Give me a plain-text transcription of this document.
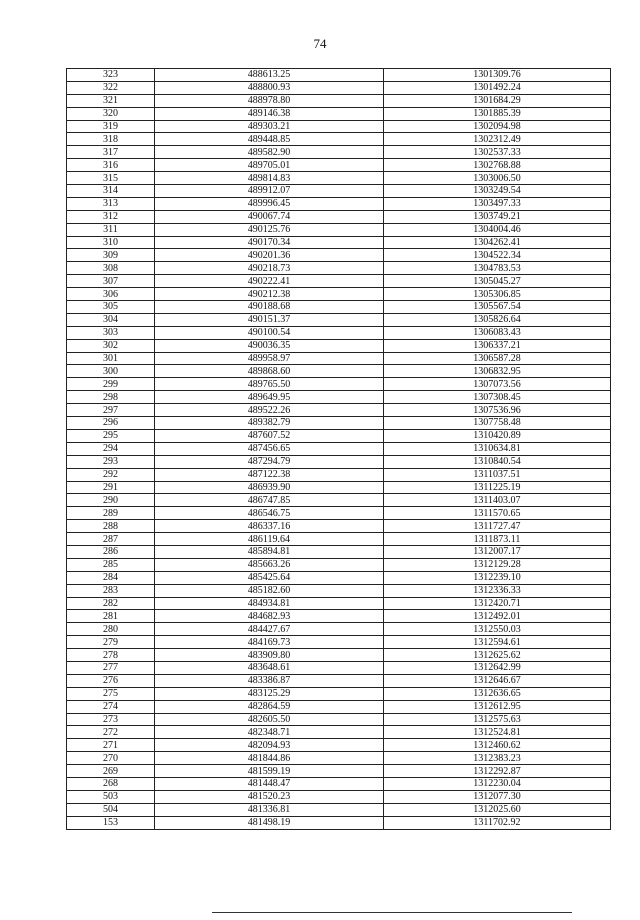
74
323	488613.25	1301309.76
322	488800.93	1301492.24
321	488978.80	1301684.29
320	489146.38	1301885.39
319	489303.21	1302094.98
318	489448.85	1302312.49
317	489582.90	1302537.33
316	489705.01	1302768.88
315	489814.83	1303006.50
314	489912.07	1303249.54
313	489996.45	1303497.33
312	490067.74	1303749.21
311	490125.76	1304004.46
310	490170.34	1304262.41
309	490201.36	1304522.34
308	490218.73	1304783.53
307	490222.41	1305045.27
306	490212.38	1305306.85
305	490188.68	1305567.54
304	490151.37	1305826.64
303	490100.54	1306083.43
302	490036.35	1306337.21
301	489958.97	1306587.28
300	489868.60	1306832.95
299	489765.50	1307073.56
298	489649.95	1307308.45
297	489522.26	1307536.96
296	489382.79	1307758.48
295	487607.52	1310420.89
294	487456.65	1310634.81
293	487294.79	1310840.54
292	487122.38	1311037.51
291	486939.90	1311225.19
290	486747.85	1311403.07
289	486546.75	1311570.65
288	486337.16	1311727.47
287	486119.64	1311873.11
286	485894.81	1312007.17
285	485663.26	1312129.28
284	485425.64	1312239.10
283	485182.60	1312336.33
282	484934.81	1312420.71
281	484682.93	1312492.01
280	484427.67	1312550.03
279	484169.73	1312594.61
278	483909.80	1312625.62
277	483648.61	1312642.99
276	483386.87	1312646.67
275	483125.29	1312636.65
274	482864.59	1312612.95
273	482605.50	1312575.63
272	482348.71	1312524.81
271	482094.93	1312460.62
270	481844.86	1312383.23
269	481599.19	1312292.87
268	481448.47	1312230.04
503	481520.23	1312077.30
504	481336.81	1312025.60
153	481498.19	1311702.92
